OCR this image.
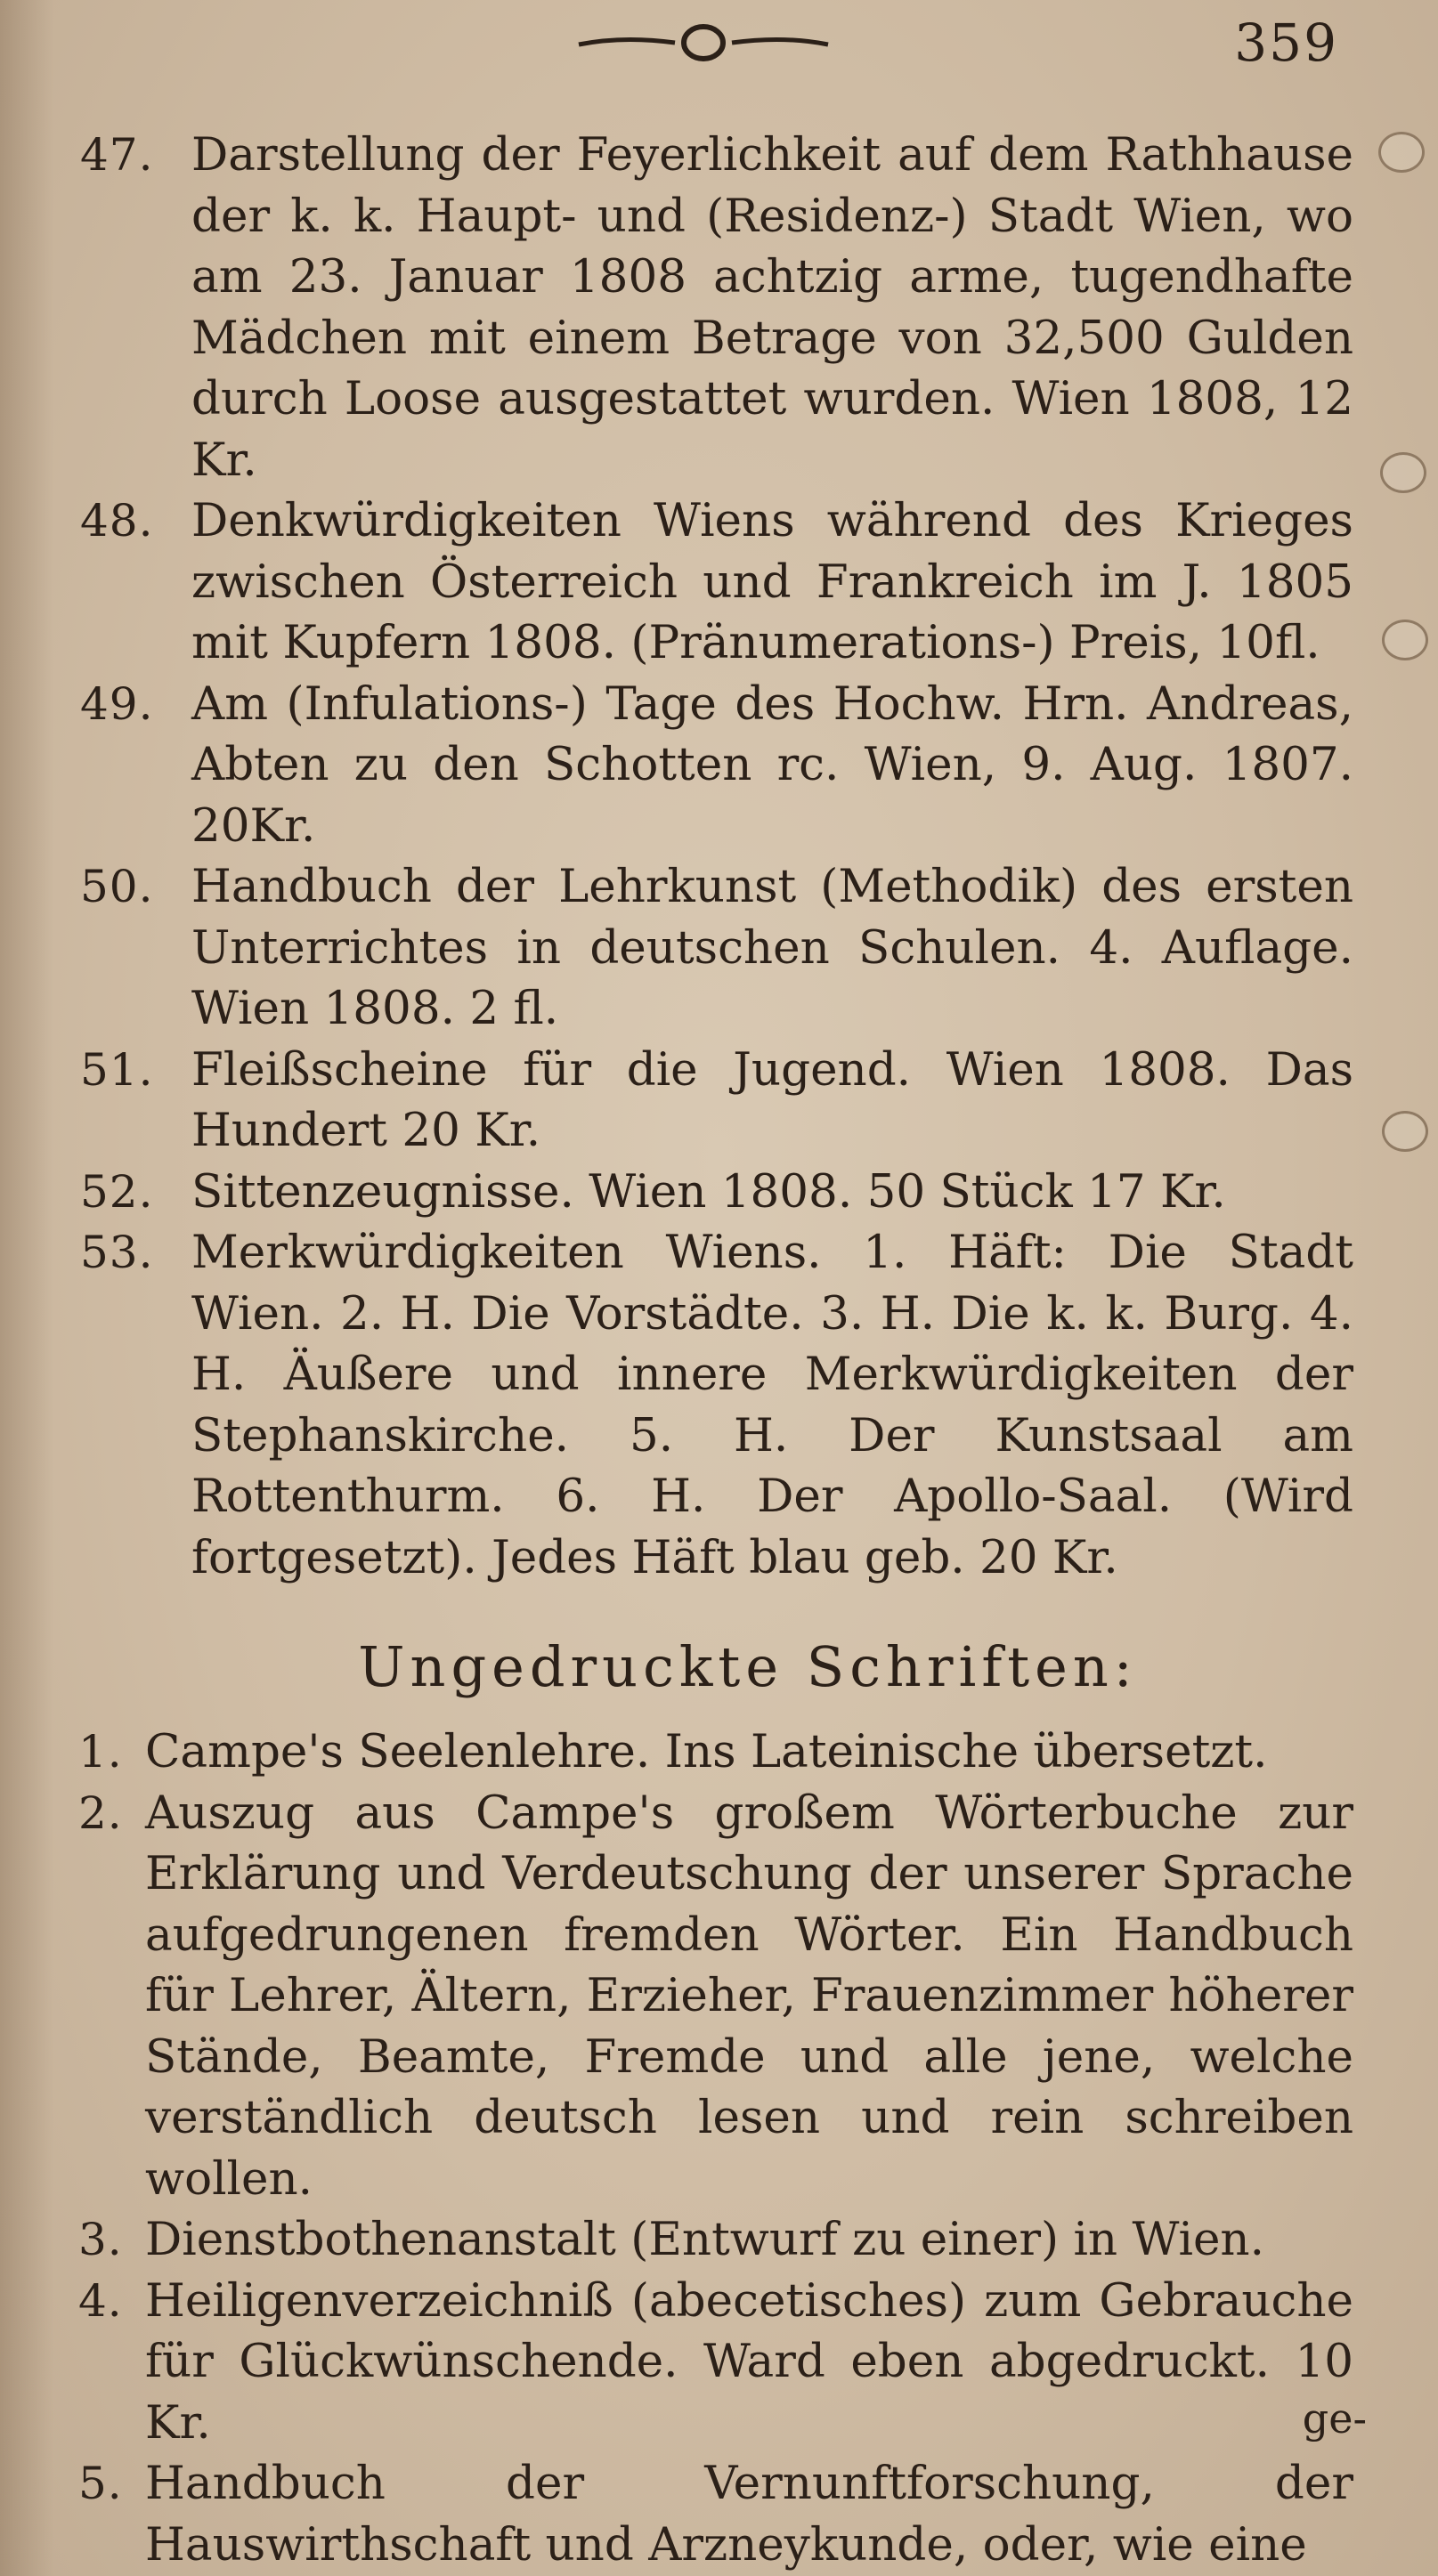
359
47. Darstellung der Feyerlichkeit auf dem Rathhause der k. k. Haupt- und (Residenz-) Stadt Wien, wo am 23. Januar 1808 achtzig arme, tugendhafte Mädchen mit einem Betrage von 32,500 Gulden durch Loose ausgestattet wurden. Wien 1808, 12 Kr.
48. Denkwürdigkeiten Wiens während des Krieges zwischen Österreich und Frankreich im J. 1805 mit Kupfern 1808. (Pränumerations-) Preis, 10fl.
49. Am (Infulations-) Tage des Hochw. Hrn. Andreas, Abten zu den Schotten rc. Wien, 9. Aug. 1807. 20Kr.
50. Handbuch der Lehrkunst (Methodik) des ersten Unterrichtes in deutschen Schulen. 4. Auflage. Wien 1808. 2 fl.
51. Fleißscheine für die Jugend. Wien 1808. Das Hundert 20 Kr.
52. Sittenzeugnisse. Wien 1808. 50 Stück 17 Kr.
53. Merkwürdigkeiten Wiens. 1. Häft: Die Stadt Wien. 2. H. Die Vorstädte. 3. H. Die k. k. Burg. 4. H. Äußere und innere Merkwürdigkeiten der Stephanskirche. 5. H. Der Kunstsaal am Rottenthurm. 6. H. Der Apollo-Saal. (Wird fortgesetzt). Jedes Häft blau geb. 20 Kr.
Ungedruckte Schriften:
1. Campe's Seelenlehre. Ins Lateinische übersetzt.
2. Auszug aus Campe's großem Wörterbuche zur Erklärung und Verdeutschung der unserer Sprache aufgedrungenen fremden Wörter. Ein Handbuch für Lehrer, Ältern, Erzieher, Frauenzimmer höherer Stände, Beamte, Fremde und alle jene, welche verständlich deutsch lesen und rein schreiben wollen.
3. Dienstbothenanstalt (Entwurf zu einer) in Wien.
4. Heiligenverzeichniß (abecetisches) zum Gebrauche für Glückwünschende. Ward eben abgedruckt. 10 Kr.
5. Handbuch der Vernunftforschung, der Hauswirthschaft und Arzneykunde, oder, wie eine
ge-
